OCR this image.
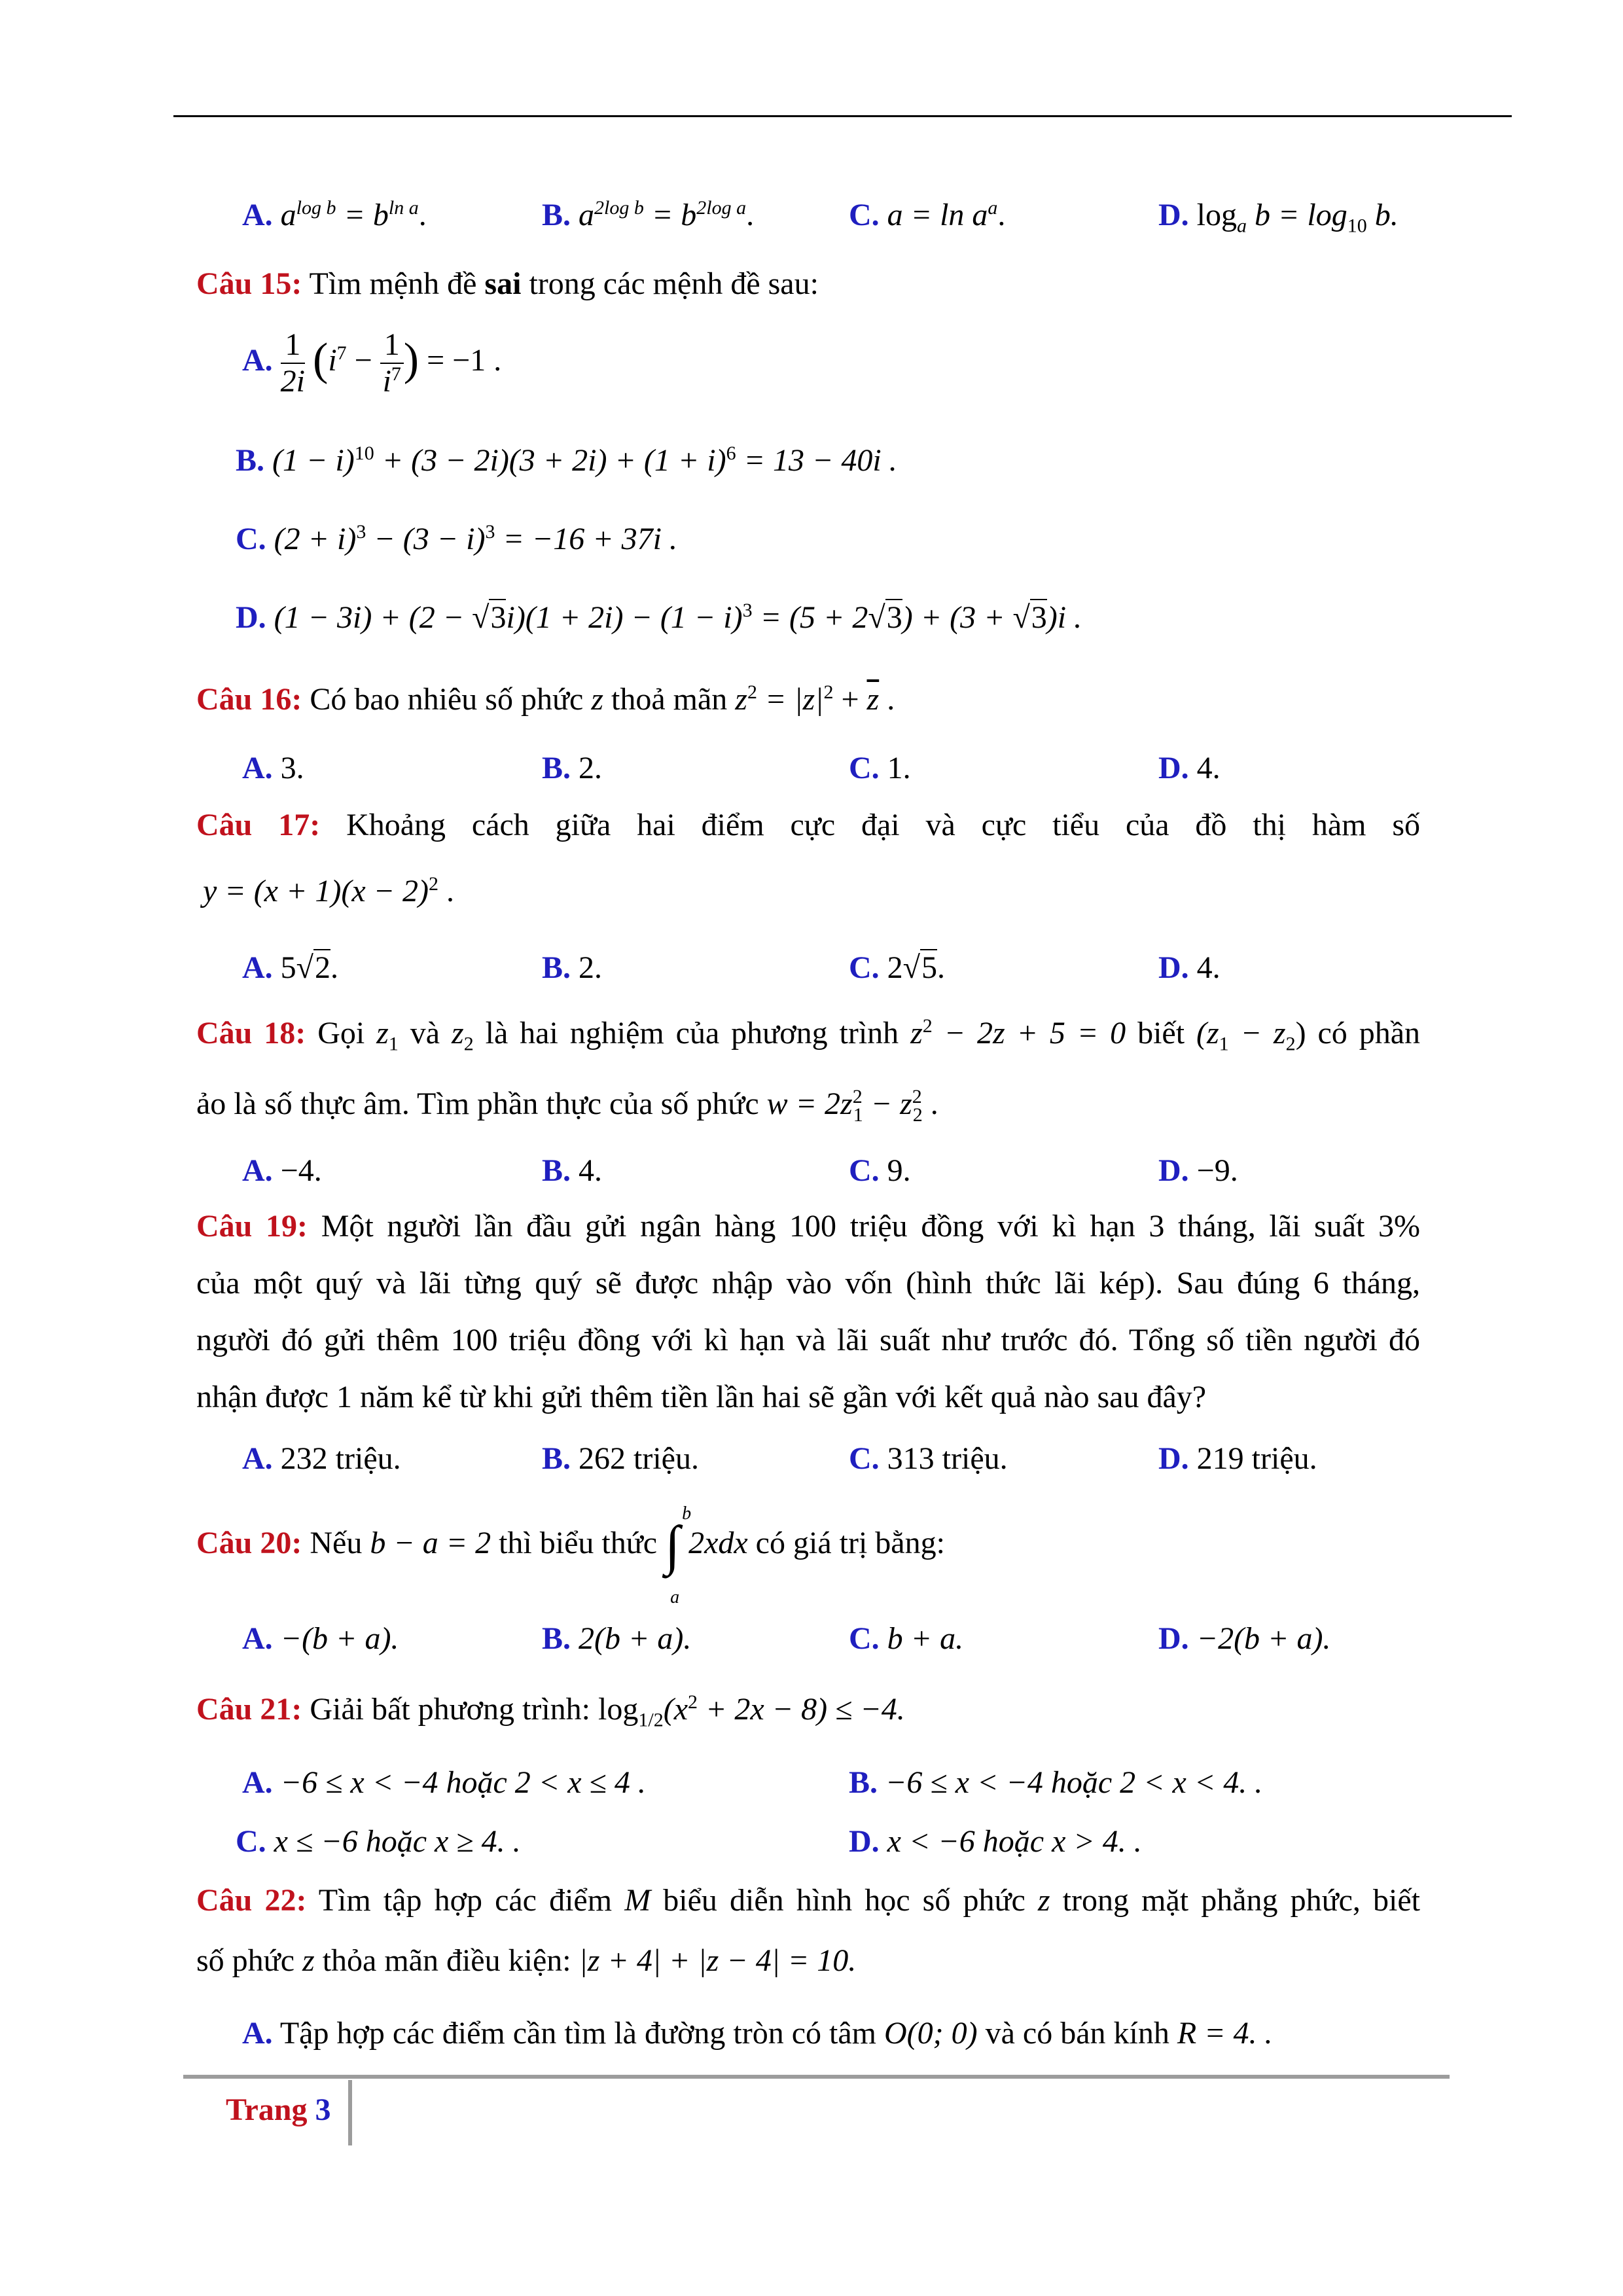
A. $a^{log b} = b^{ln a}$.	B. $a^{2log b} = b^{2log a}$.	C. $a = \ln a^a$.	D. $\log_a b = \log_{10} b$.
Câu 15: Tìm mệnh đề sai trong các mệnh đề sau:
A. $\frac{1}{2i} (i^7 - \frac{1}{i^7}$ ) = −1 .
B. $(1 - i)^{10} + (3 - 2i)(3 + 2i) + (1 + i)^6 = 13 - 40i$ .
C. $(2 + i)^3 - (3 - i)^3 = -16 + 37i$ .
D. $(1 - 3i) + (2 - √3i)(1 + 2i) - (1 - i)^3 = (5 + 2√3) + (3 + √3)i$ .
Câu 16: Có bao nhiêu số phức z thoả mãn $z^2 = |z|^2 + \overline{z}$ .
A. 3.	B. 2.	C. 1.	D. 4.
Câu 17: Khoảng cách giữa hai điểm cực đại và cực tiểu của đồ thị hàm số
$y = (x + 1)(x - 2)^2$ .
A. 5√2.	B. 2.	C. 2√5.	D. 4.
Câu 18: Gọi $z_1$ và $z_2$ là hai nghiệm của phương trình $z^2 - 2z + 5 = 0$ biết $(z_1 - z_2)$ có phần
ảo là số thực âm. Tìm phần thực của số phức $w = 2z^2_1 - z^2_2$ .
A. −4.	B. 4.	C. 9.	D. −9.
Câu 19: Một người lần đầu gửi ngân hàng 100 triệu đồng với kì hạn 3 tháng, lãi suất 3%
của một quý và lãi từng quý sẽ được nhập vào vốn (hình thức lãi kép). Sau đúng 6 tháng,
người đó gửi thêm 100 triệu đồng với kì hạn và lãi suất như trước đó. Tổng số tiền người đó
nhận được 1 năm kể từ khi gửi thêm tiền lần hai sẽ gần với kết quả nào sau đây?
A. 232 triệu.	B. 262 triệu.	C. 313 triệu.	D. 219 triệu.
Câu 20: Nếu b − a = 2 thì biểu thức ∫
b
a
2xdx có giá trị bằng:
A. −(b + a).	B. 2(b + a).	C. b + a.	D. −2(b + a).
Câu 21: Giải bất phương trình: $\log_{1/2}(x^2 + 2x - 8) \le -4$.
A. −6 ≤ x < −4 hoặc 2 < x ≤ 4 .	B. −6 ≤ x < −4 hoặc 2 < x < 4. .
C. x ≤ −6 hoặc x ≥ 4. .	D. x < −6 hoặc x > 4. .
Câu 22: Tìm tập hợp các điểm M biểu diễn hình học số phức z trong mặt phẳng phức, biết
số phức z thỏa mãn điều kiện: |z + 4| + |z − 4| = 10.
A. Tập hợp các điểm cần tìm là đường tròn có tâm O(0; 0) và có bán kính R = 4. .
Trang 3
